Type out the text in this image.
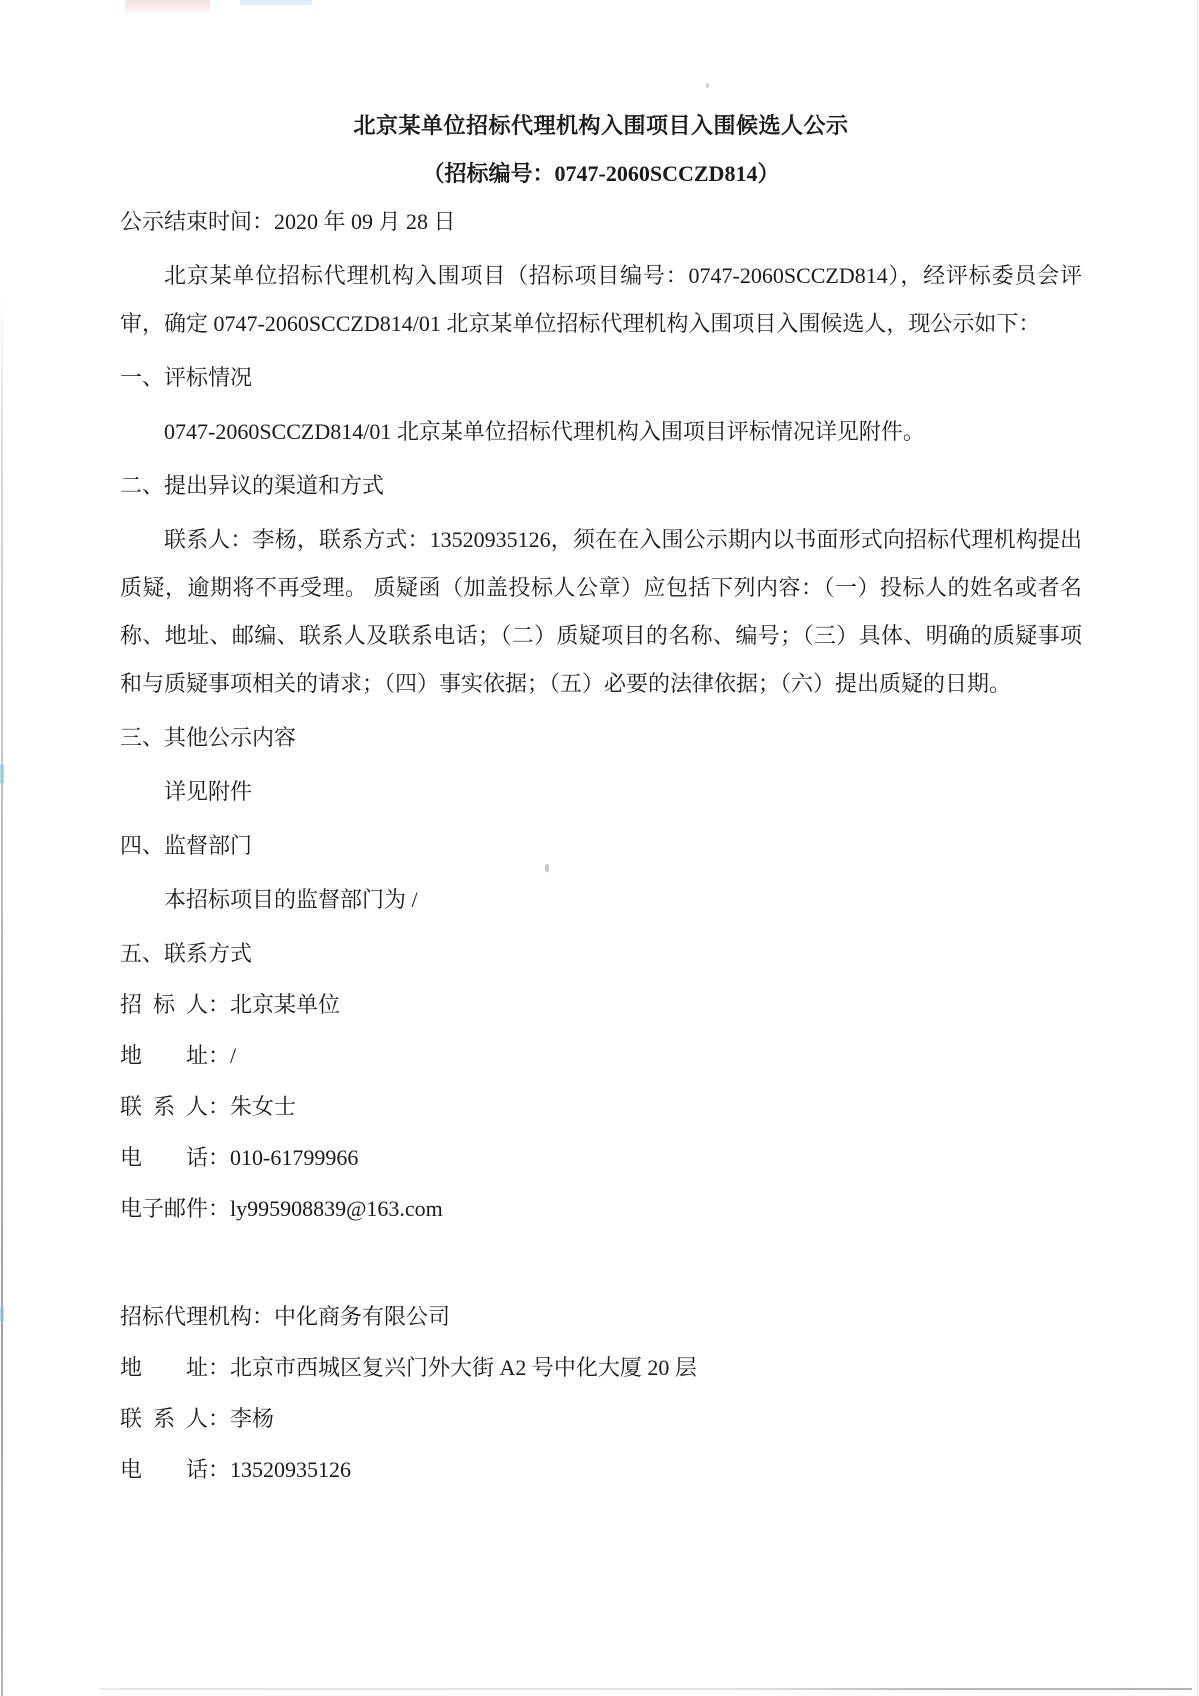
北京某单位招标代理机构入围项目入围候选人公示
（招标编号：0747-2060SCCZD814）
公示结束时间：2020 年 09 月 28 日

北京某单位招标代理机构入围项目（招标项目编号：0747-2060SCCZD814），经评标委员会评审，确定 0747-2060SCCZD814/01 北京某单位招标代理机构入围项目入围候选人，现公示如下：

一、评标情况

0747-2060SCCZD814/01 北京某单位招标代理机构入围项目评标情况详见附件。

二、提出异议的渠道和方式

联系人：李杨，联系方式：13520935126，须在在入围公示期内以书面形式向招标代理机构提出质疑，逾期将不再受理。 质疑函（加盖投标人公章）应包括下列内容：（一）投标人的姓名或者名称、地址、邮编、联系人及联系电话；（二）质疑项目的名称、编号；（三）具体、明确的质疑事项和与质疑事项相关的请求；（四）事实依据；（五）必要的法律依据；（六）提出质疑的日期。

三、其他公示内容

详见附件

四、监督部门

本招标项目的监督部门为 /

五、联系方式
招 标 人：北京某单位
地　　址：/
联 系 人：朱女士
电　　话：010-61799966
电子邮件：ly995908839@163.com
招标代理机构：中化商务有限公司
地　　址：北京市西城区复兴门外大街 A2 号中化大厦 20 层
联 系 人：李杨
电　　话：13520935126
